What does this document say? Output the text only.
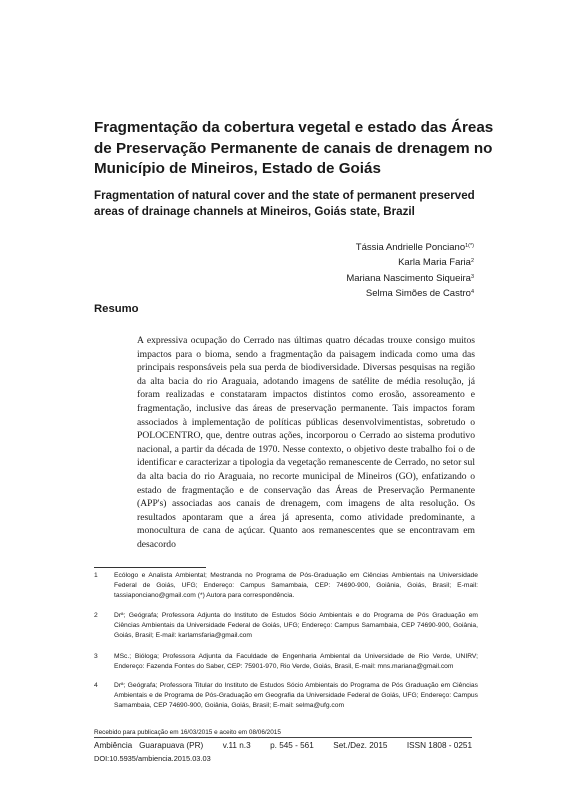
Fragmentação da cobertura vegetal e estado das Áreas de Preservação Permanente de canais de drenagem no Município de Mineiros, Estado de Goiás
Fragmentation of natural cover and the state of permanent preserved areas of drainage channels at Mineiros, Goiás state, Brazil
Tássia Andrielle Ponciano$^{1(*)}$
Karla Maria Faria$^2$
Mariana Nascimento Siqueira$^3$
Selma Simões de Castro$^4$
Resumo
A expressiva ocupação do Cerrado nas últimas quatro décadas trouxe consigo muitos impactos para o bioma, sendo a fragmentação da paisagem indicada como uma das principais responsáveis pela sua perda de biodiversidade. Diversas pesquisas na região da alta bacia do rio Araguaia, adotando imagens de satélite de média resolução, já foram realizadas e constataram impactos distintos como erosão, assoreamento e fragmentação, inclusive das áreas de preservação permanente. Tais impactos foram associados à implementação de políticas públicas desenvolvimentistas, sobretudo o POLOCENTRO, que, dentre outras ações, incorporou o Cerrado ao sistema produtivo nacional, a partir da década de 1970. Nesse contexto, o objetivo deste trabalho foi o de identificar e caracterizar a tipologia da vegetação remanescente de Cerrado, no setor sul da alta bacia do rio Araguaia, no recorte municipal de Mineiros (GO), enfatizando o estado de fragmentação e de conservação das Áreas de Preservação Permanente (APP's) associadas aos canais de drenagem, com imagens de alta resolução. Os resultados apontaram que a área já apresenta, como atividade predominante, a monocultura de cana de açúcar. Quanto aos remanescentes que se encontravam em desacordo
1 Ecólogo e Analista Ambiental; Mestranda no Programa de Pós-Graduação em Ciências Ambientais na Universidade Federal de Goiás, UFG; Endereço: Campus Samambaia, CEP: 74690-900, Goiânia, Goiás, Brasil; E-mail: tassiaponciano@gmail.com (*) Autora para correspondência.
2 Drª; Geógrafa; Professora Adjunta do Instituto de Estudos Sócio Ambientais e do Programa de Pós Graduação em Ciências Ambientais da Universidade Federal de Goiás, UFG; Endereço: Campus Samambaia, CEP 74690-900, Goiânia, Goiás, Brasil; E-mail: karlamsfaria@gmail.com
3 MSc.; Bióloga; Professora Adjunta da Faculdade de Engenharia Ambiental da Universidade de Rio Verde, UNIRV; Endereço: Fazenda Fontes do Saber, CEP: 75901-970, Rio Verde, Goiás, Brasil, E-mail: mns.mariana@gmail.com
4 Drª; Geógrafa; Professora Titular do Instituto de Estudos Sócio Ambientais do Programa de Pós Graduação em Ciências Ambientais e de Programa de Pós-Graduação em Geografia da Universidade Federal de Goiás, UFG; Endereço: Campus Samambaia, CEP 74690-900, Goiânia, Goiás, Brasil; E-mail: selma@ufg.com
Recebido para publicação em 16/03/2015 e aceito em 08/06/2015
Ambiência Guarapuava (PR) v.11 n.3 p. 545 - 561 Set./Dez. 2015 ISSN 1808 - 0251
DOI:10.5935/ambiencia.2015.03.03
